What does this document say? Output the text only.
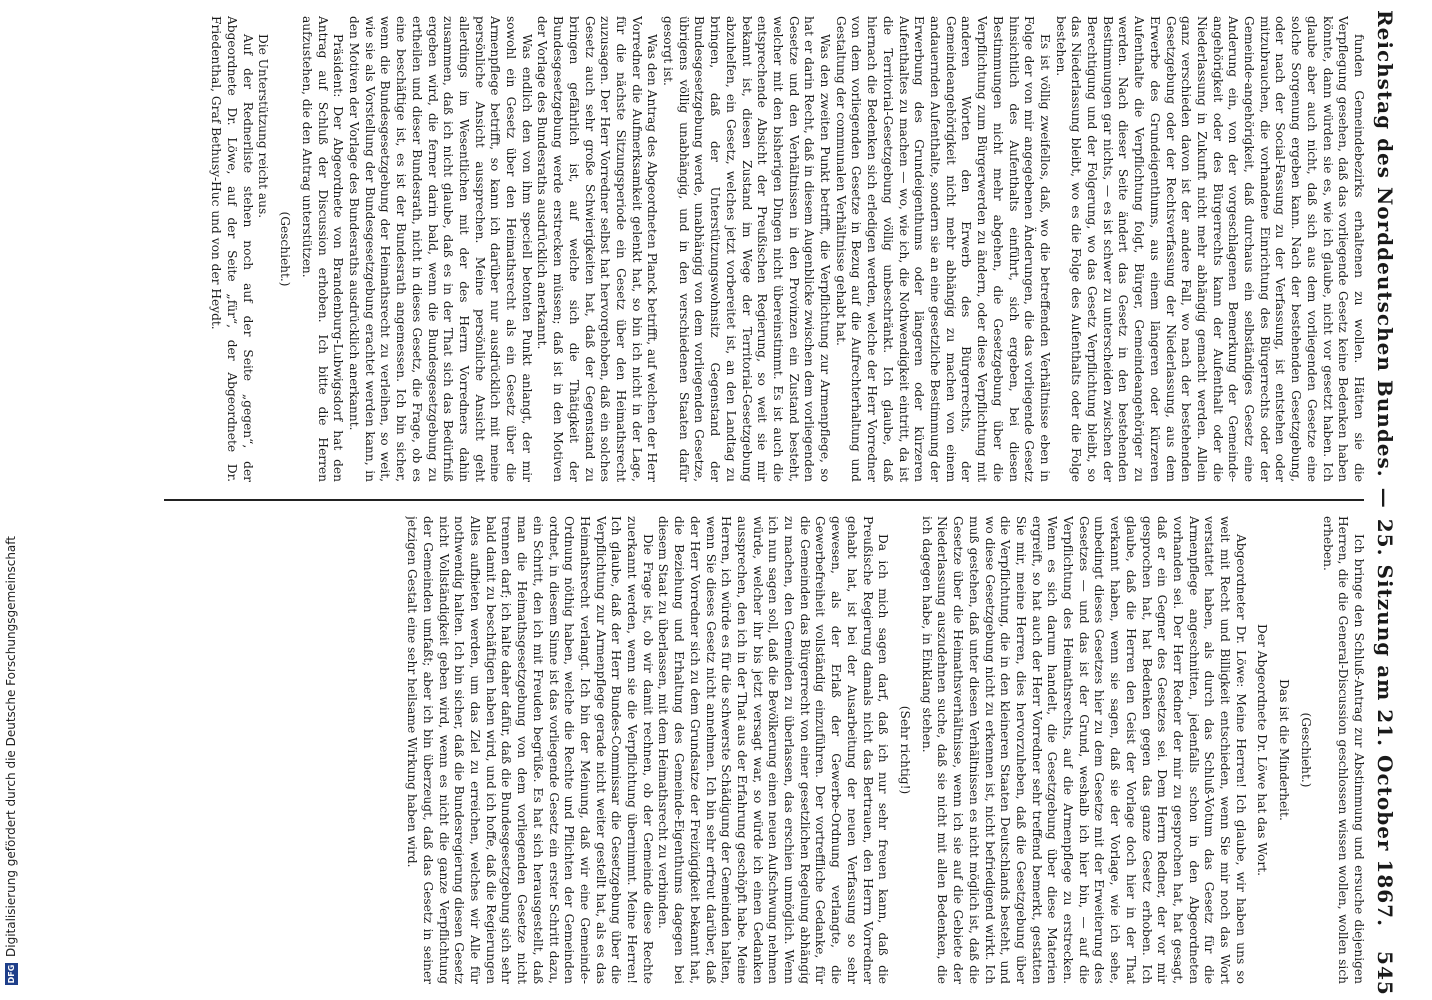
Reichstag des Norddeutschen Bundes.
—
25. Sitzung am 21. October 1867.
545

funden Gemeindebezirks erhaltenen zu wollen. Hätten sie die Verpflegung gesehen, daß das vorliegende Gesetz keine Bedenken haben könnte, dann würden sie es, wie ich glaube, nicht vor gesetzt haben. Ich glaube aber auch nicht, daß sich aus dem vorliegenden Gesetze eine solche Sorgenung ergeben kann. Nach der bestehenden Gesetzgebung, oder nach der Social-Fassung zu der Verfassung, ist entstehen oder mitzubrauchen, die vorhandene Einrichtung des Bürgerrechts oder der Gemeinde-angehörigkeit, daß durchaus ein selbständiges Gesetz eine Anderung ein, von der vorgeschlagenen Bemerkung der Gemeinde-angehörigkeit oder des Bürgerrechts kann der Aufenthalt oder die Niederlassung in Zukunft nicht mehr abhängig gemacht werden. Allein ganz verschieden davon ist der andere Fall, wo nach der bestehenden Gesetzgebung oder der Rechtsverfassung der Niederlassung, aus dem Erwerbe des Grundeigenthums, aus einem längeren oder kürzeren Aufenthalte die Verpflichtung folgt, Bürger, Gemeindeangehöriger zu werden. Nach dieser Seite ändert das Gesetz in den bestehenden Bestimmungen gar nichts, — es ist schwer zu unterscheiden zwischen der Berechtigung und der Folgerung, wo das Gesetz Verpflichtung bleibt, so das Niederlassung bleibt, wo es die Folge des Aufenthalts oder die Folge bestehen.

Es ist völlig zweifellos, daß, wo die betreffenden Verhältnisse eben in Folge der von mir angegebenen Änderungen, die das vorliegende Gesetz hinsichtlich des Aufenthalts einführt, sich ergeben, bei diesen Bestimmungen nicht mehr abgehen, die Gesetzgebung über die Verpflichtung zum Bürgerwerden zu ändern, oder diese Verpflichtung mit anderen Worten den Erwerb des Bürgerrechts, der Gemeindeangehörigkeit nicht mehr abhängig zu machen von einem andauernden Aufenthalte, sondern sie an eine gesetzliche Bestimmung der Erwerbung des Grundeigenthums oder längeren oder kürzeren Aufenthaltes zu machen — wo, wie ich, die Nothwendigkeit eintritt, da ist die Territorial-Gesetzgebung völlig unbeschränkt. Ich glaube, daß hiernach die Bedenken sich erledigen werden, welche der Herr Vorredner von dem vorliegenden Gesetze in Bezug auf die Aufrechterhaltung und Gestaltung der communalen Verhältnisse gehabt hat.

Was den zweiten Punkt betrifft, die Verpflichtung zur Armenpflege, so hat er darin Recht, daß in diesem Augenblicke zwischen dem vorliegenden Gesetze und den Verhältnissen in den Provinzen ein Zustand besteht, welcher mit den bisherigen Dingen nicht übereinstimmt. Es ist auch die entsprechende Absicht der Preußischen Regierung, so weit sie mir bekannt ist, diesen Zustand im Wege der Territorial-Gesetzgebung abzuhelfen, ein Gesetz, welches jetzt vorbereitet ist, an den Landtag zu bringen, daß der Unterstützungswohnsitz Gegenstand der Bundesgesetzgebung werde, unabhängig von dem vorliegenden Gesetze, übrigens völlig unabhängig, und in den verschiedenen Staaten dafür gesorgt ist.

Was den Antrag des Abgeordneten Planck betrifft, auf welchen der Herr Vorredner die Aufmerksamkeit gelenkt hat, so bin ich nicht in der Lage, für die nächste Sitzungsperiode ein Gesetz über den Heimathsrecht zuzusagen. Der Herr Vorredner selbst hat hervorgehoben, daß ein solches Gesetz auch sehr große Schwierigkeiten hat, daß der Gegenstand zu bringen gefährlich ist, auf welche sich die Thätigkeit der Bundesgesetzgebung werde erstrecken müssen; daß ist in den Motiven der Vorlage des Bundesraths ausdrücklich anerkannt.

Was endlich den von ihm speciell betonten Punkt anlangt, der mir sowohl ein Gesetz über den Heimathsrecht als ein Gesetz über die Armenpflege betrifft, so kann ich darüber nur ausdrücklich mit meine persönliche Ansicht aussprechen. Meine persönliche Ansicht geht allerdings im Wesentlichen mit der des Herrn Vorredners dahin zusammen, daß ich nicht glaube, daß es in der That sich das Bedürfniß ergeben wird, die ferner darin bald, wenn die Bundesgesetzgebung zu ertheilen und dieser Bundesrath, nicht in dieses Gesetz, die Frage, ob es eine beschäftige ist, es ist der Bundesrath angemessen. Ich bin sicher, wenn die Bundesgesetzgebung der Heimathsrecht zu verleihen, so weit, wie sie als Vorstellung der Bundesgesetzgebung erachtet werden kann, in den Motiven der Vorlage des Bundesraths ausdrücklich anerkannt.

Präsident: Der Abgeordnete von Brandenburg-Lubwigsdorf hat den Antrag auf Schluß der Discussion erhoben. Ich bitte die Herren aufzustehen, die den Antrag unterstützen.

(Geschieht.)

Die Unterstützung reicht aus.

Auf der Rednerliste stehen noch auf der Seite „gegen“, der Abgeordnete Dr. Löwe, auf der Seite „für“, der Abgeordnete Dr. Friedenthal, Graf Bethusy-Huc und von der Heydt.

Ich bringe den Schluß-Antrag zur Abstimmung und ersuche diejenigen Herren, die die General-Discussion geschlossen wissen wollen, wollen sich erheben.

(Geschieht.)

Das ist die Minderheit.

Der Abgeordnete Dr. Löwe hat das Wort.

Abgeordneter Dr. Löwe: Meine Herren! Ich glaube, wir haben uns so weit mit Recht und Billigkeit entschieden, wenn Sie mir noch das Wort verstattet haben, als durch das Schluß-Votum das Gesetz für die Armenpflege angeschnitten, jedenfalls schon in den Abgeordneten vorhanden sei. Der Herr Redner der mir zu gesprochen hat, hat gesagt, daß er ein Gegner des Gesetzes sei. Dem Herrn Redner, der vor mir gesprochen hat, hat Bedenken gegen das ganze Gesetz erhoben. Ich glaube, daß die Herren den Geist der Vorlage doch hier in der That verkannt haben, wenn sie sagen, daß sie der Vorlage, wie ich sehe, unbedingt dieses Gesetzes hier zu dem Gesetze mit der Erweiterung des Gesetzes — und das ist der Grund, weshalb ich hier bin, — auf die Verpflichtung des Heimathsrechts, auf die Armenpflege zu erstrecken. Wenn es sich darum handelt, die Gesetzgebung über diese Materien ergreift, so hat auch der Herr Vorredner sehr treffend bemerkt, gestatten Sie mir, meine Herren, dies hervorzuheben, daß die Gesetzgebung über die Verpflichtung, die in den kleineren Staaten Deutschlands besteht, und wo diese Gesetzgebung nicht zu erkennen ist, nicht befriedigend wirkt. Ich muß gestehen, daß unter diesen Verhältnissen es nicht möglich ist, daß die Gesetze über die Heimathsverhältnisse, wenn ich sie auf die Gebiete der Niederlassung auszudehnen suche, daß sie nicht mit allen Bedenken, die ich dagegen habe, in Einklang stehen.

(Sehr richtig!)

Da ich mich sagen darf, daß ich nur sehr freuen kann, daß die Preußische Regierung damals nicht das Bertrauen, den Herrn Vorredner gehabt hat, ist bei der Ausarbeitung der neuen Verfassung so sehr gewesen, als der Erlaß der Gewerbe-Ordnung verlangte, die Gewerbefreiheit vollständig einzuführen. Der vortreffliche Gedanke, für die Gemeinden das Bürgerrecht von einer gesetzlichen Regelung abhängig zu machen, den Gemeinden zu überlassen, das erschien unmöglich. Wenn ich nun sagen soll, daß die Bevölkerung einen neuen Aufschwung nehmen würde, welcher ihr bis jetzt versagt war, so würde ich einen Gedanken aussprechen, den ich in der That aus der Erfahrung geschöpft habe. Meine Herren, ich würde es für die schwerste Schädigung der Gemeinden halten, wenn Sie dieses Gesetz nicht annehmen. Ich bin sehr erfreut darüber, daß der Herr Vorredner sich zu dem Grundsatze der Freizügigkeit bekannt hat, die Beziehung und Erhaltung des Gemeinde-Eigenthums dagegen bei diesem Staat zu überlassen, mit dem Heimathsrecht zu verbinden.

Die Frage ist, ob wir damit rechnen, ob der Gemeinde diese Rechte zuerkannt werden, wenn sie die Verpflichtung übernimmt. Meine Herren! Ich glaube, daß der Herr Bundes-Commissar die Gesetzgebung über die Verpflichtung zur Armenpflege gerade nicht weiter gestellt hat, als es das Heimathsrecht verlangt. Ich bin der Meinung, daß wir eine Gemeinde-Ordnung nöthig haben, welche die Rechte und Pflichten der Gemeinden ordnet, in diesem Sinne ist das vorliegende Gesetz ein erster Schritt dazu, ein Schritt, den ich mit Freuden begrüße. Es hat sich herausgestellt, daß man die Heimathsgesetzgebung von dem vorliegenden Gesetze nicht trennen darf; ich halte daher dafür, daß die Bundesgesetzgebung sich sehr bald damit zu beschäftigen haben wird, und ich hoffe, daß die Regierungen Alles aufbieten werden, um das Ziel zu erreichen, welches wir Alle für nothwendig halten. Ich bin sicher, daß die Bundesregierung diesen Gesetz nicht Vollständigkeit geben wird, wenn es nicht die ganze Verpflichtung der Gemeinden umfaßt; aber ich bin überzeugt, daß das Gesetz in seiner jetzigen Gestalt eine sehr heilsame Wirkung haben wird.

DFG
Digitalisierung gefördert durch die Deutsche Forschungsgemeinschaft
